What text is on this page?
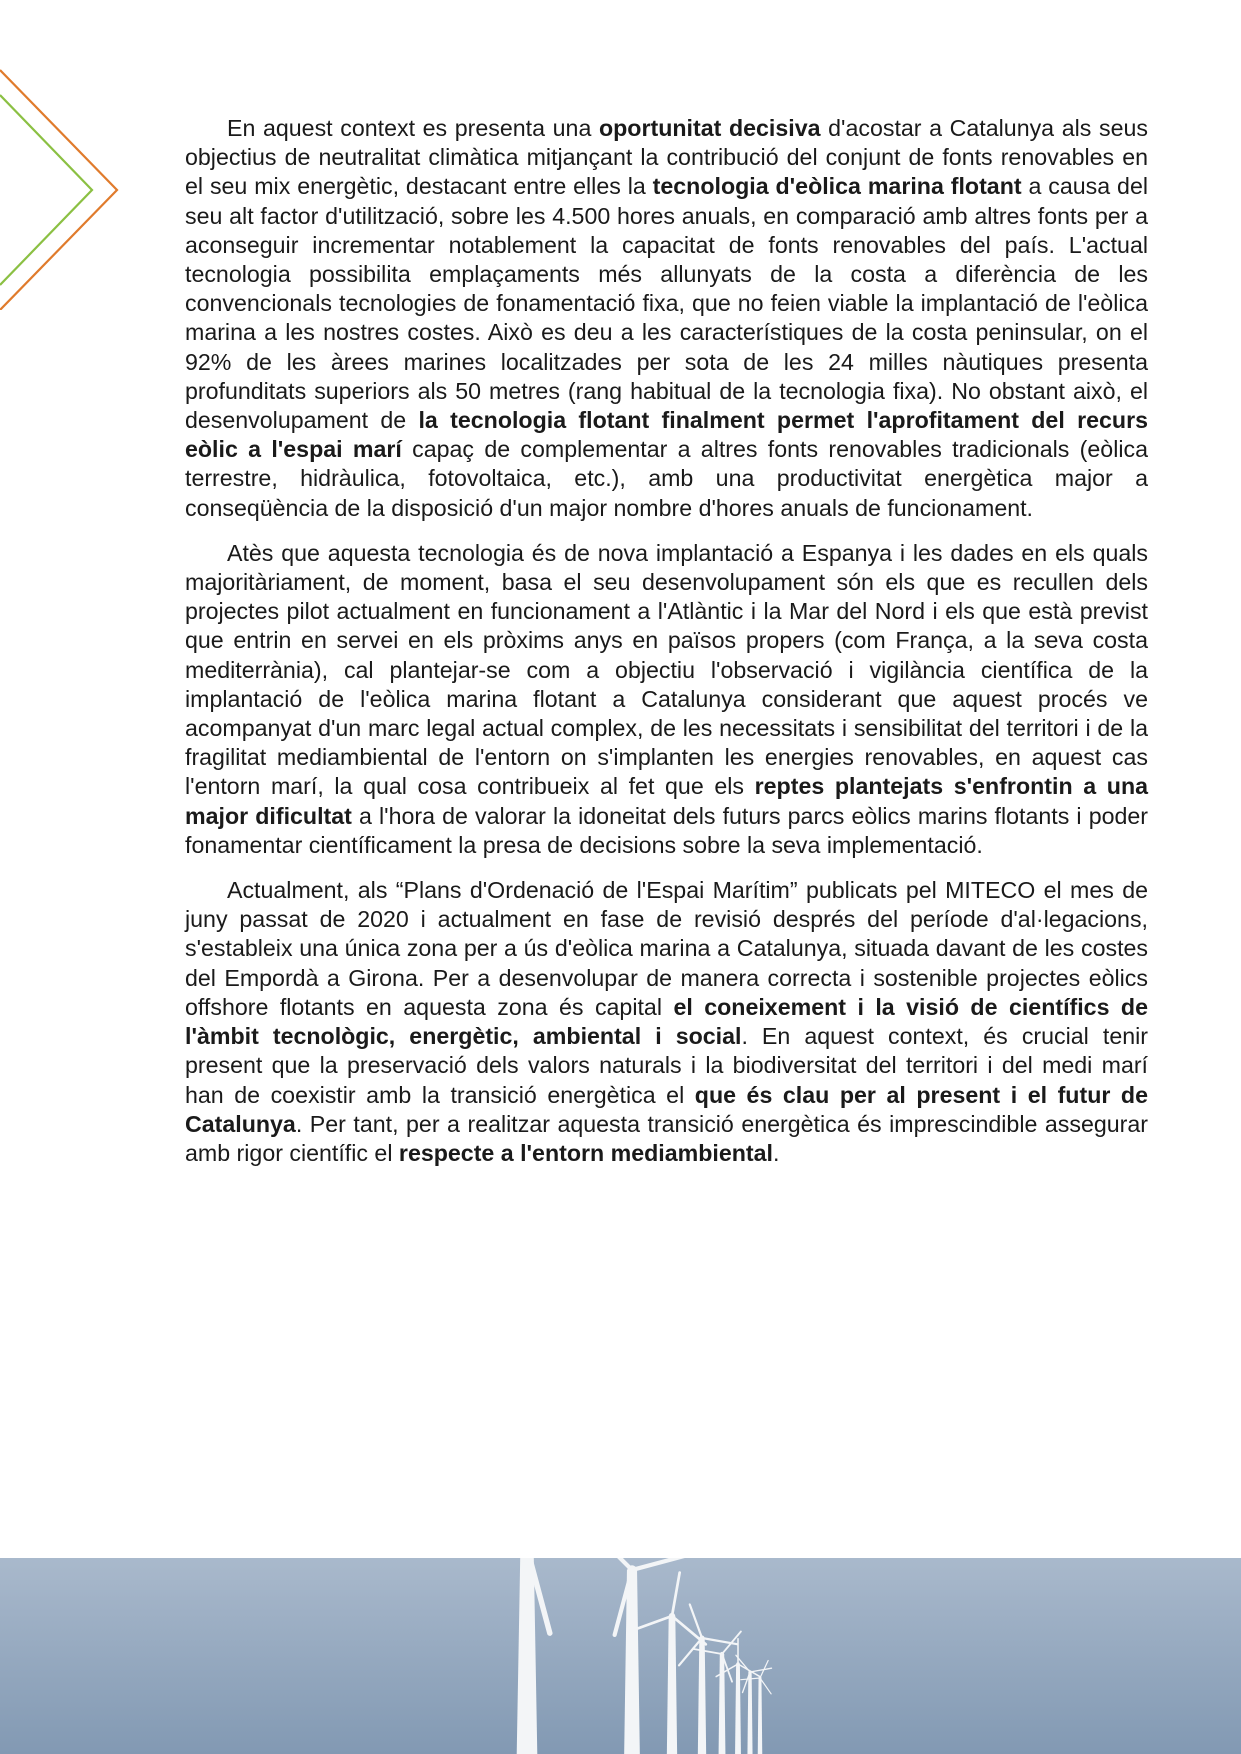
En aquest context es presenta una oportunitat decisiva d'acostar a Catalunya als seus objectius de neutralitat climàtica mitjançant la contribució del conjunt de fonts renovables en el seu mix energètic, destacant entre elles la tecnologia d'eòlica marina flotant a causa del seu alt factor d'utilització, sobre les 4.500 hores anuals, en comparació amb altres fonts per a aconseguir incrementar notablement la capacitat de fonts renovables del país. L'actual tecnologia possibilita emplaçaments més allunyats de la costa a diferència de les convencionals tecnologies de fonamentació fixa, que no feien viable la implantació de l'eòlica marina a les nostres costes. Això es deu a les característiques de la costa peninsular, on el 92% de les àrees marines localitzades per sota de les 24 milles nàutiques presenta profunditats superiors als 50 metres (rang habitual de la tecnologia fixa). No obstant això, el desenvolupament de la tecnologia flotant finalment permet l'aprofitament del recurs eòlic a l'espai marí capaç de complementar a altres fonts renovables tradicionals (eòlica terrestre, hidràulica, fotovoltaica, etc.), amb una productivitat energètica major a conseqüència de la disposició d'un major nombre d'hores anuals de funcionament.

Atès que aquesta tecnologia és de nova implantació a Espanya i les dades en els quals majoritàriament, de moment, basa el seu desenvolupament són els que es recullen dels projectes pilot actualment en funcionament a l'Atlàntic i la Mar del Nord i els que està previst que entrin en servei en els pròxims anys en països propers (com França, a la seva costa mediterrània), cal plantejar-se com a objectiu l'observació i vigilància científica de la implantació de l'eòlica marina flotant a Catalunya considerant que aquest procés ve acompanyat d'un marc legal actual complex, de les necessitats i sensibilitat del territori i de la fragilitat mediambiental de l'entorn on s'implanten les energies renovables, en aquest cas l'entorn marí, la qual cosa contribueix al fet que els reptes plantejats s'enfrontin a una major dificultat a l'hora de valorar la idoneitat dels futurs parcs eòlics marins flotants i poder fonamentar científicament la presa de decisions sobre la seva implementació.

Actualment, als “Plans d'Ordenació de l'Espai Marítim” publicats pel MITECO el mes de juny passat de 2020 i actualment en fase de revisió després del període d'al·legacions, s'estableix una única zona per a ús d'eòlica marina a Catalunya, situada davant de les costes del Empordà a Girona. Per a desenvolupar de manera correcta i sostenible projectes eòlics offshore flotants en aquesta zona és capital el coneixement i la visió de científics de l'àmbit tecnològic, energètic, ambiental i social. En aquest context, és crucial tenir present que la preservació dels valors naturals i la biodiversitat del territori i del medi marí han de coexistir amb la transició energètica el que és clau per al present i el futur de Catalunya. Per tant, per a realitzar aquesta transició energètica és imprescindible assegurar amb rigor científic el respecte a l'entorn mediambiental.
